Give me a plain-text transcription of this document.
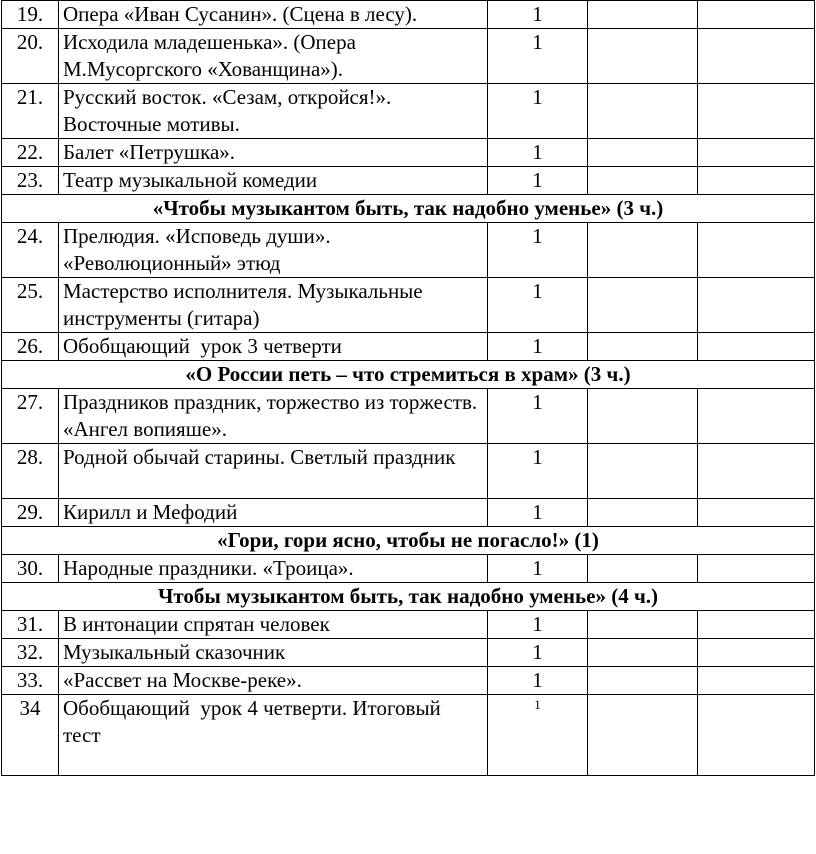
19.	Опера «Иван Сусанин». (Сцена в лесу).	1		
20.	Исходила младешенька». (Опера М.Мусоргского «Хованщина»).	1		
21.	Русский восток. «Сезам, откройся!». Восточные мотивы.	1		
22.	Балет «Петрушка».	1		
23.	Театр музыкальной комедии	1		
«Чтобы музыкантом быть, так надобно уменье» (3 ч.)				
24.	Прелюдия. «Исповедь души». «Революционный» этюд	1		
25.	Мастерство исполнителя. Музыкальные инструменты (гитара)	1		
26.	Обобщающий  урок 3 четверти	1		
«О России петь – что стремиться в храм» (3 ч.)				
27.	Праздников праздник, торжество из торжеств. «Ангел вопияше».	1		
28.	Родной обычай старины. Светлый праздник	1		
29.	Кирилл и Мефодий	1		
«Гори, гори ясно, чтобы не погасло!» (1)				
30.	Народные праздники. «Троица».	1		
Чтобы музыкантом быть, так надобно уменье» (4 ч.)				
31.	В интонации спрятан человек	1		
32.	Музыкальный сказочник	1		
33.	«Рассвет на Москве-реке».	1		
34	Обобщающий  урок 4 четверти. Итоговый тест	1		
